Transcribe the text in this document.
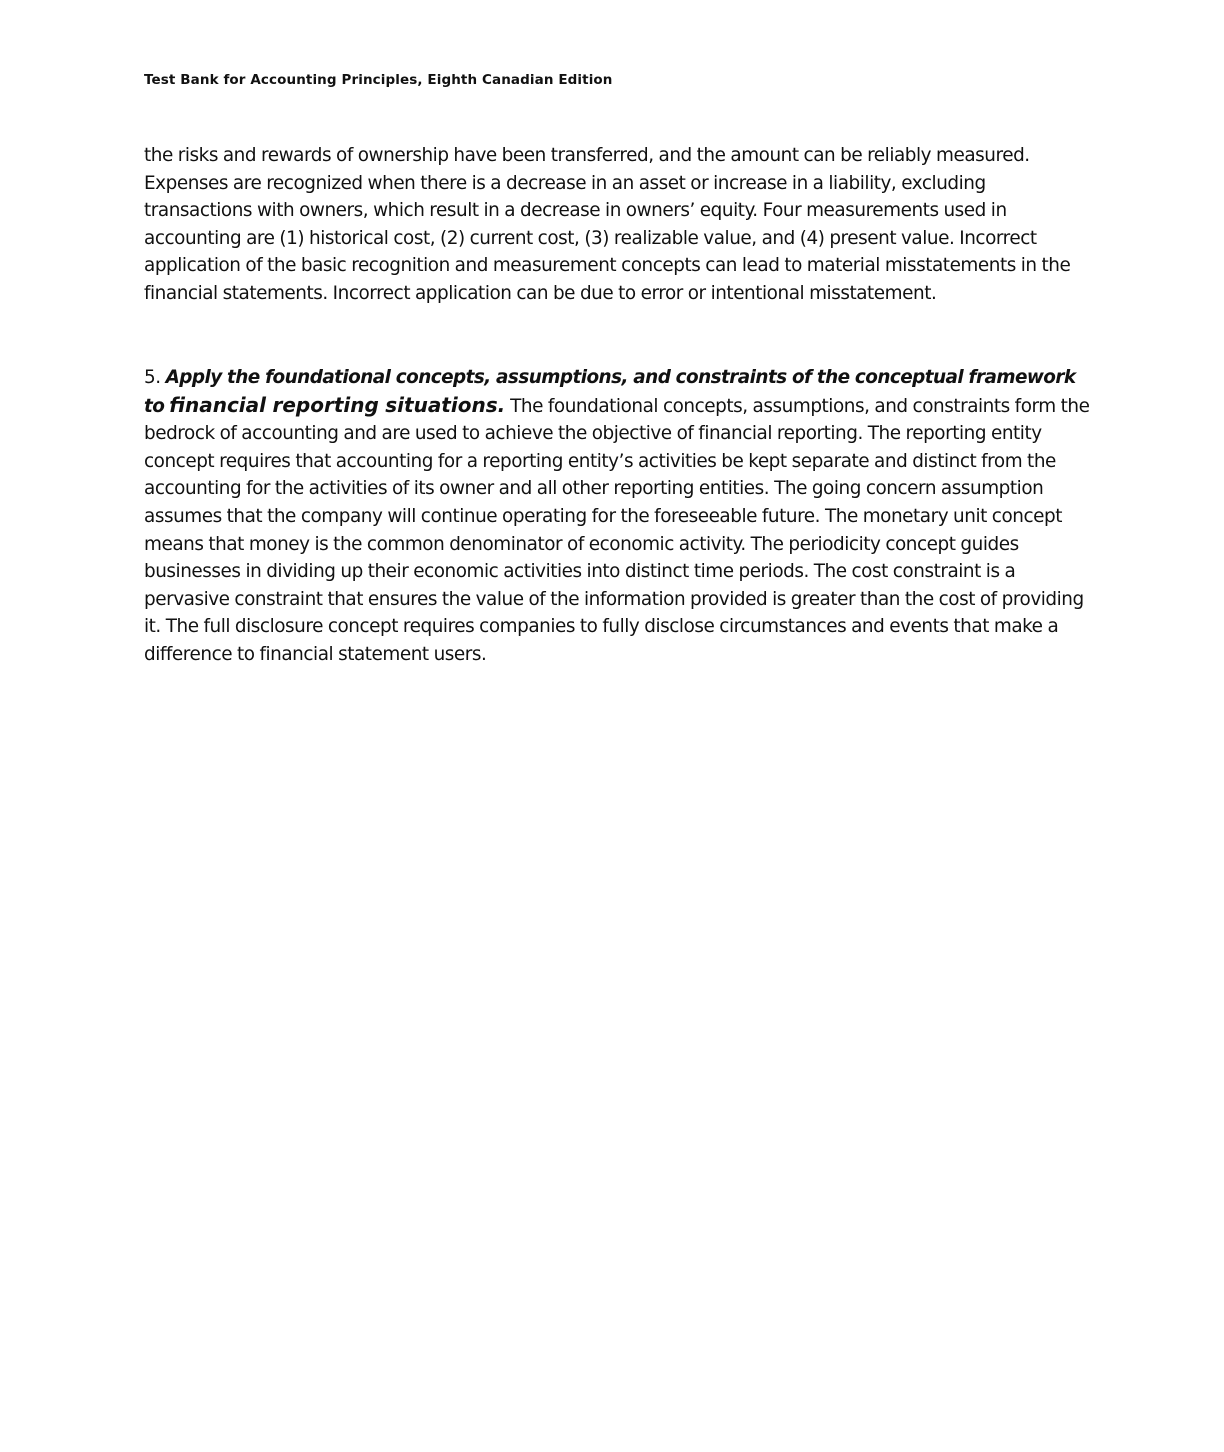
Test Bank for Accounting Principles, Eighth Canadian Edition

the risks and rewards of ownership have been transferred, and the amount can be reliably measured. Expenses are recognized when there is a decrease in an asset or increase in a liability, excluding transactions with owners, which result in a decrease in owners’ equity. Four measurements used in accounting are (1) historical cost, (2) current cost, (3) realizable value, and (4) present value. Incorrect application of the basic recognition and measurement concepts can lead to material misstatements in the financial statements. Incorrect application can be due to error or intentional misstatement.

5. Apply the foundational concepts, assumptions, and constraints of the conceptual framework to financial reporting situations. The foundational concepts, assumptions, and constraints form the bedrock of accounting and are used to achieve the objective of financial reporting. The reporting entity concept requires that accounting for a reporting entity’s activities be kept separate and distinct from the accounting for the activities of its owner and all other reporting entities. The going concern assumption assumes that the company will continue operating for the foreseeable future. The monetary unit concept means that money is the common denominator of economic activity. The periodicity concept guides businesses in dividing up their economic activities into distinct time periods. The cost constraint is a pervasive constraint that ensures the value of the information provided is greater than the cost of providing it. The full disclosure concept requires companies to fully disclose circumstances and events that make a difference to financial statement users.
